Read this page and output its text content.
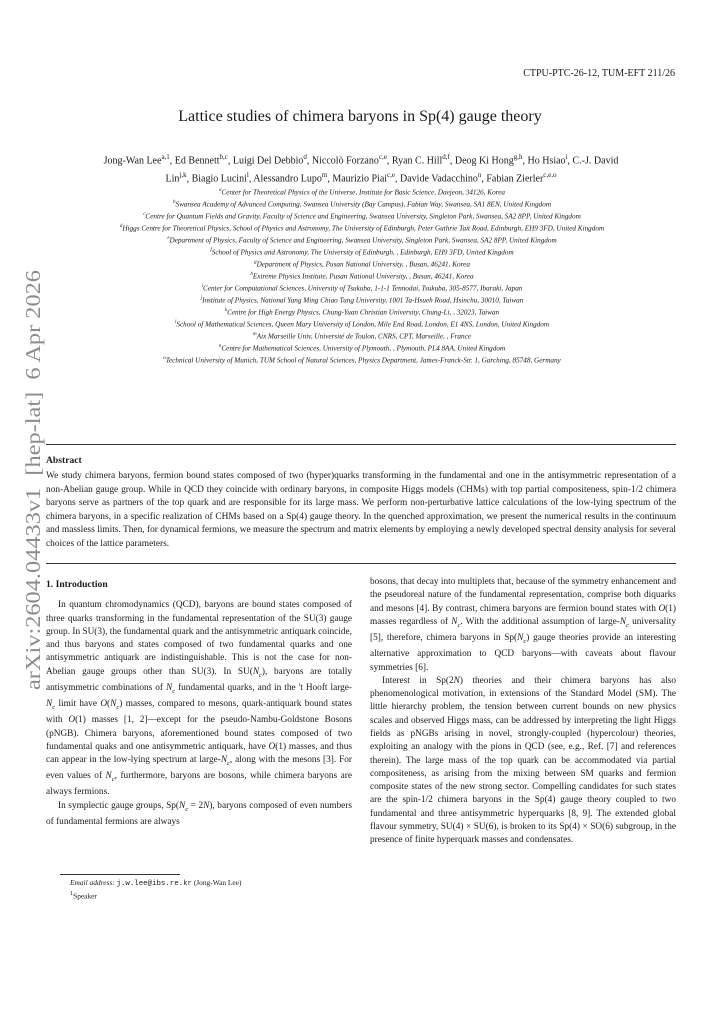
arXiv:2604.04433v1  [hep-lat]  6 Apr 2026
CTPU-PTC-26-12, TUM-EFT 211/26
Lattice studies of chimera baryons in Sp(4) gauge theory
Jong-Wan Lee$^{a,1}$, Ed Bennett$^{b,c}$, Luigi Del Debbio$^d$, Niccolò Forzano$^{c,e}$, Ryan C. Hill$^{d,f}$, Deog Ki Hong$^{g,h}$, Ho Hsiao$^i$, C.-J. David
Lin$^{j,k}$, Biagio Lucini$^l$, Alessandro Lupo$^m$, Maurizio Piai$^{c,e}$, Davide Vadacchino$^n$, Fabian Zierler$^{c,e,o}$
$^a$Center for Theoretical Physics of the Universe, Institute for Basic Science, Daejeon, 34126, Korea
$^b$Swansea Academy of Advanced Computing, Swansea University (Bay Campus), Fabian Way, Swansea, SA1 8EN, United Kingdom
$^c$Centre for Quantum Fields and Gravity, Faculty of Science and Engineering, Swansea University, Singleton Park, Swansea, SA2 8PP, United Kingdom
$^d$Higgs Centre for Theoretical Physics, School of Physics and Astronomy, The University of Edinburgh, Peter Guthrie Tait Road, Edinburgh, EH9 3FD, United Kingdom
$^e$Department of Physics, Faculty of Science and Engineering, Swansea University, Singleton Park, Swansea, SA2 8PP, United Kingdom
$^f$School of Physics and Astronomy, The University of Edinburgh, , Edinburgh, EH9 3FD, United Kingdom
$^g$Department of Physics, Pusan National University, , Busan, 46241, Korea
$^h$Extreme Physics Institute, Pusan National University, , Busan, 46241, Korea
$^i$Center for Computational Sciences, University of Tsukuba, 1-1-1 Tennodai, Tsukuba, 305-8577, Ibaraki, Japan
$^j$Institute of Physics, National Yang Ming Chiao Tung University, 1001 Ta-Hsueh Road, Hsinchu, 30010, Taiwan
$^k$Centre for High Energy Physics, Chung-Yuan Christian University, Chung-Li, , 32023, Taiwan
$^l$School of Mathematical Sciences, Queen Mary University of London, Mile End Road, London, E1 4NS, London, United Kingdom
$^m$Aix Marseille Univ, Université de Toulon, CNRS, CPT, Marseille, , France
$^n$Centre for Mathematical Sciences, University of Plymouth, , Plymouth, PL4 8AA, United Kingdom
$^o$Technical University of Munich, TUM School of Natural Sciences, Physics Department, James-Franck-Str. 1, Garching, 85748, Germany
Abstract

We study chimera baryons, fermion bound states composed of two (hyper)quarks transforming in the fundamental and one in the antisymmetric representation of a non-Abelian gauge group. While in QCD they coincide with ordinary baryons, in composite Higgs models (CHMs) with top partial compositeness, spin-1/2 chimera baryons serve as partners of the top quark and are responsible for its large mass. We perform non-perturbative lattice calculations of the low-lying spectrum of the chimera baryons, in a specific realization of CHMs based on a Sp(4) gauge theory. In the quenched approximation, we present the numerical results in the continuum and massless limits. Then, for dynamical fermions, we measure the spectrum and matrix elements by employing a newly developed spectral density analysis for several choices of the lattice parameters.

1. Introduction

In quantum chromodynamics (QCD), baryons are bound states composed of three quarks transforming in the fundamental representation of the SU(3) gauge group. In SU(3), the fundamental quark and the antisymmetric antiquark coincide, and thus baryons and states composed of two fundamental quarks and one antisymmetric antiquark are indistinguishable. This is not the case for non-Abelian gauge groups other than SU(3). In $SU(N_c)$, baryons are totally antisymmetric combinations of $N_c$ fundamental quarks, and in the 't Hooft large-$N_c$ limit have $O(N_c)$ masses, compared to mesons, quark-antiquark bound states with O(1) masses [1, 2]—except for the pseudo-Nambu-Goldstone Bosons (pNGB). Chimera baryons, aforementioned bound states composed of two fundamental quaks and one antisymmetric antiquark, have O(1) masses, and thus can appear in the low-lying spectrum at large-$N_c$, along with the mesons [3]. For even values of $N_c$, furthermore, baryons are bosons, while chimera baryons are always fermions.

In symplectic gauge groups, $Sp(N_c = 2N)$, baryons composed of even numbers of fundamental fermions are always

bosons, that decay into multiplets that, because of the symmetry enhancement and the pseudoreal nature of the fundamental representation, comprise both diquarks and mesons [4]. By contrast, chimera baryons are fermion bound states with O(1) masses regardless of $N_c$. With the additional assumption of large-$N_c$ universality [5], therefore, chimera baryons in $Sp(N_c)$ gauge theories provide an interesting alternative approximation to QCD baryons—with caveats about flavour symmetries [6].

Interest in Sp(2N) theories and their chimera baryons has also phenomenological motivation, in extensions of the Standard Model (SM). The little hierarchy problem, the tension between current bounds on new physics scales and observed Higgs mass, can be addressed by interpreting the light Higgs fields as pNGBs arising in novel, strongly-coupled (hypercolour) theories, exploiting an analogy with the pions in QCD (see, e.g., Ref. [7] and references therein). The large mass of the top quark can be accommodated via partial compositeness, as arising from the mixing between SM quarks and fermion composite states of the new strong sector. Compelling candidates for such states are the spin-1/2 chimera baryons in the Sp(4) gauge theory coupled to two fundamental and three antisymmetric hyperquarks [8, 9]. The extended global flavour symmetry, SU(4) × SU(6), is broken to its Sp(4) × SO(6) subgroup, in the presence of finite hyperquark masses and condensates.

Email address: j.w.lee@ibs.re.kr (Jong-Wan Lee)
$^1$Speaker
